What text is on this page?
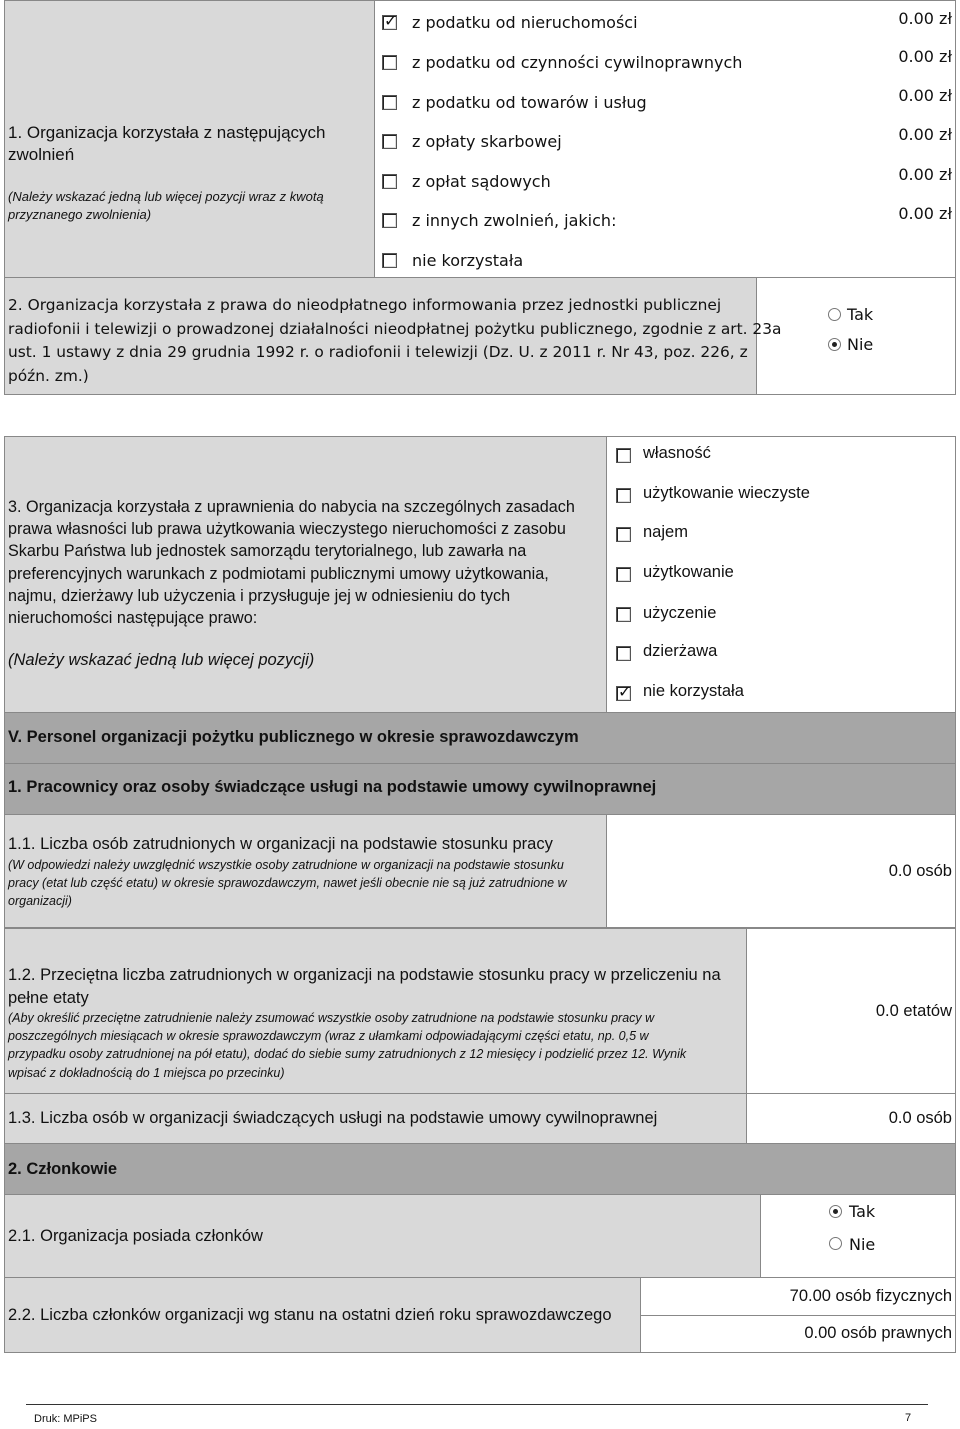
1. Organizacja korzystała z następujących
zwolnień
(Należy wskazać jedną lub więcej pozycji wraz z kwotą
przyznanego zwolnienia)
✓ z podatku od nieruchomości	0.00 zł
z podatku od czynności cywilnoprawnych	0.00 zł
z podatku od towarów i usług	0.00 zł
z opłaty skarbowej	0.00 zł
z opłat sądowych	0.00 zł
z innych zwolnień, jakich:	0.00 zł
nie korzystała
2. Organizacja korzystała z prawa do nieodpłatnego informowania przez jednostki publicznej
radiofonii i telewizji o prowadzonej działalności nieodpłatnej pożytku publicznego, zgodnie z art. 23a
ust. 1 ustawy z dnia 29 grudnia 1992 r. o radiofonii i telewizji (Dz. U. z 2011 r. Nr 43, poz. 226, z
późn. zm.)
Tak
Nie
3. Organizacja korzystała z uprawnienia do nabycia na szczególnych zasadach
prawa własności lub prawa użytkowania wieczystego nieruchomości z zasobu
Skarbu Państwa lub jednostek samorządu terytorialnego, lub zawarła na
preferencyjnych warunkach z podmiotami publicznymi umowy użytkowania,
najmu, dzierżawy lub użyczenia i przysługuje jej w odniesieniu do tych
nieruchomości następujące prawo:
(Należy wskazać jedną lub więcej pozycji)
własność
użytkowanie wieczyste
najem
użytkowanie
użyczenie
dzierżawa
✓ nie korzystała
V. Personel organizacji pożytku publicznego w okresie sprawozdawczym
1. Pracownicy oraz osoby świadczące usługi na podstawie umowy cywilnoprawnej
1.1. Liczba osób zatrudnionych w organizacji na podstawie stosunku pracy
(W odpowiedzi należy uwzględnić wszystkie osoby zatrudnione w organizacji na podstawie stosunku
pracy (etat lub część etatu) w okresie sprawozdawczym, nawet jeśli obecnie nie są już zatrudnione w
organizacji)
0.0 osób
1.2. Przeciętna liczba zatrudnionych w organizacji na podstawie stosunku pracy w przeliczeniu na
pełne etaty
(Aby określić przeciętne zatrudnienie należy zsumować wszystkie osoby zatrudnione na podstawie stosunku pracy w
poszczególnych miesiącach w okresie sprawozdawczym (wraz z ułamkami odpowiadającymi części etatu, np. 0,5 w
przypadku osoby zatrudnionej na pół etatu), dodać do siebie sumy zatrudnionych z 12 miesięcy i podzielić przez 12. Wynik
wpisać z dokładnością do 1 miejsca po przecinku)
0.0 etatów
1.3. Liczba osób w organizacji świadczących usługi na podstawie umowy cywilnoprawnej	0.0 osób
2. Członkowie
2.1. Organizacja posiada członków
Tak
Nie
2.2. Liczba członków organizacji wg stanu na ostatni dzień roku sprawozdawczego
70.00 osób fizycznych
0.00 osób prawnych
Druk: MPiPS	7
